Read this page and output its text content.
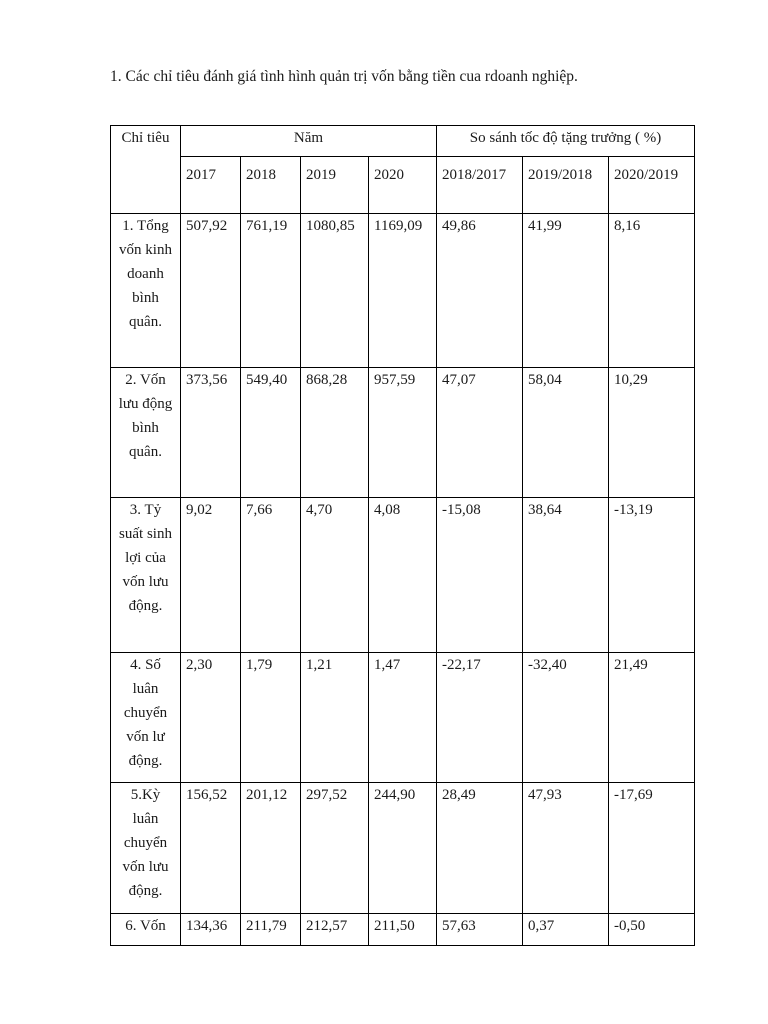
1. Các chỉ tiêu đánh giá tình hình quản trị vốn bằng tiền cua rdoanh nghiệp.
Chỉ tiêu	Năm				So sánh tốc độ tặng trưởng ( %)		
	2017	2018	2019	2020	2018/2017	2019/2018	2020/2019
1. Tổng vốn kinh doanh bình quân.	507,92	761,19	1080,85	1169,09	49,86	41,99	8,16
2. Vốn lưu động bình quân.	373,56	549,40	868,28	957,59	47,07	58,04	10,29
3. Tỷ suất sinh lợi của vốn lưu động.	9,02	7,66	4,70	4,08	-15,08	38,64	-13,19
4. Số luân chuyển vốn lư động.	2,30	1,79	1,21	1,47	-22,17	-32,40	21,49
5.Kỳ luân chuyển vốn lưu động.	156,52	201,12	297,52	244,90	28,49	47,93	-17,69
6. Vốn	134,36	211,79	212,57	211,50	57,63	0,37	-0,50
